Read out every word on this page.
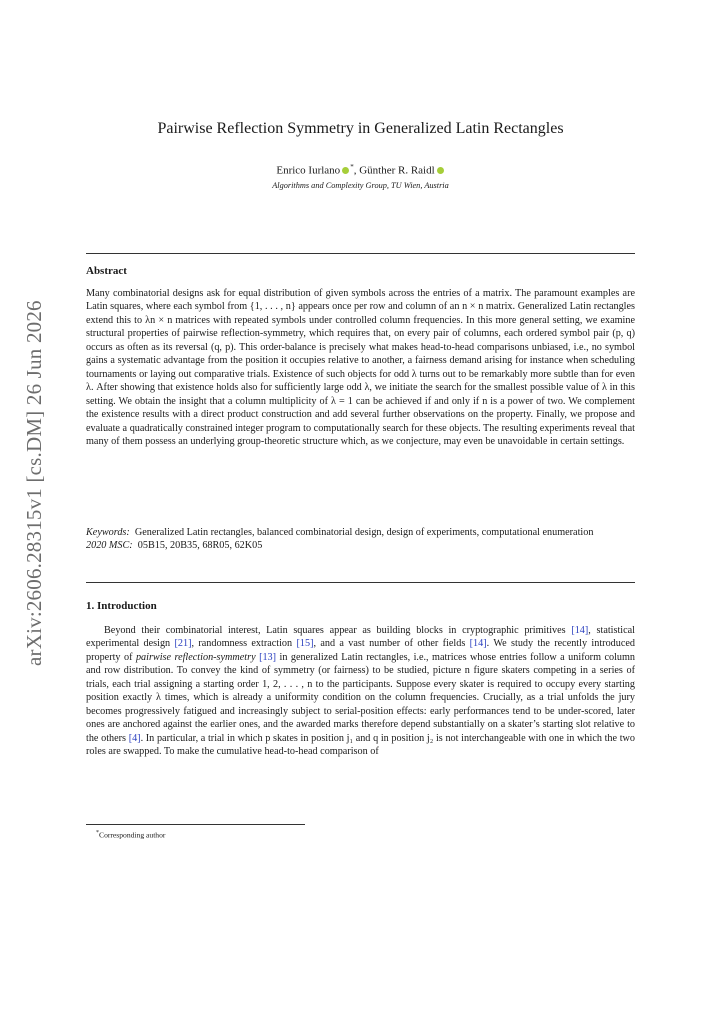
arXiv:2606.28315v1 [cs.DM] 26 Jun 2026
Pairwise Reflection Symmetry in Generalized Latin Rectangles
Enrico Iurlano *, Günther R. Raidl
Algorithms and Complexity Group, TU Wien, Austria
Abstract
Many combinatorial designs ask for equal distribution of given symbols across the entries of a matrix. The paramount examples are Latin squares, where each symbol from {1, . . . , n} appears once per row and column of an n × n matrix. Generalized Latin rectangles extend this to λn × n matrices with repeated symbols under controlled column frequencies. In this more general setting, we examine structural properties of pairwise reflection-symmetry, which requires that, on every pair of columns, each ordered symbol pair (p, q) occurs as often as its reversal (q, p). This order-balance is precisely what makes head-to-head comparisons unbiased, i.e., no symbol gains a systematic advantage from the position it occupies relative to another, a fairness demand arising for instance when scheduling tournaments or laying out comparative trials. Existence of such objects for odd λ turns out to be remarkably more subtle than for even λ. After showing that existence holds also for sufficiently large odd λ, we initiate the search for the smallest possible value of λ in this setting. We obtain the insight that a column multiplicity of λ = 1 can be achieved if and only if n is a power of two. We complement the existence results with a direct product construction and add several further observations on the property. Finally, we propose and evaluate a quadratically constrained integer program to computationally search for these objects. The resulting experiments reveal that many of them possess an underlying group-theoretic structure which, as we conjecture, may even be unavoidable in certain settings.
Keywords: Generalized Latin rectangles, balanced combinatorial design, design of experiments, computational enumeration
2020 MSC: 05B15, 20B35, 68R05, 62K05
1. Introduction
Beyond their combinatorial interest, Latin squares appear as building blocks in cryptographic primitives [14], statistical experimental design [21], randomness extraction [15], and a vast number of other fields [14]. We study the recently introduced property of pairwise reflection-symmetry [13] in generalized Latin rectangles, i.e., matrices whose entries follow a uniform column and row distribution. To convey the kind of symmetry (or fairness) to be studied, picture n figure skaters competing in a series of trials, each trial assigning a starting order 1, 2, . . . , n to the participants. Suppose every skater is required to occupy every starting position exactly λ times, which is already a uniformity condition on the column frequencies. Crucially, as a trial unfolds the jury becomes progressively fatigued and increasingly subject to serial-position effects: early performances tend to be under-scored, later ones are anchored against the earlier ones, and the awarded marks therefore depend substantially on a skater’s starting slot relative to the others [4]. In particular, a trial in which p skates in position j₁ and q in position j₂ is not interchangeable with one in which the two roles are swapped. To make the cumulative head-to-head comparison of
*Corresponding author
